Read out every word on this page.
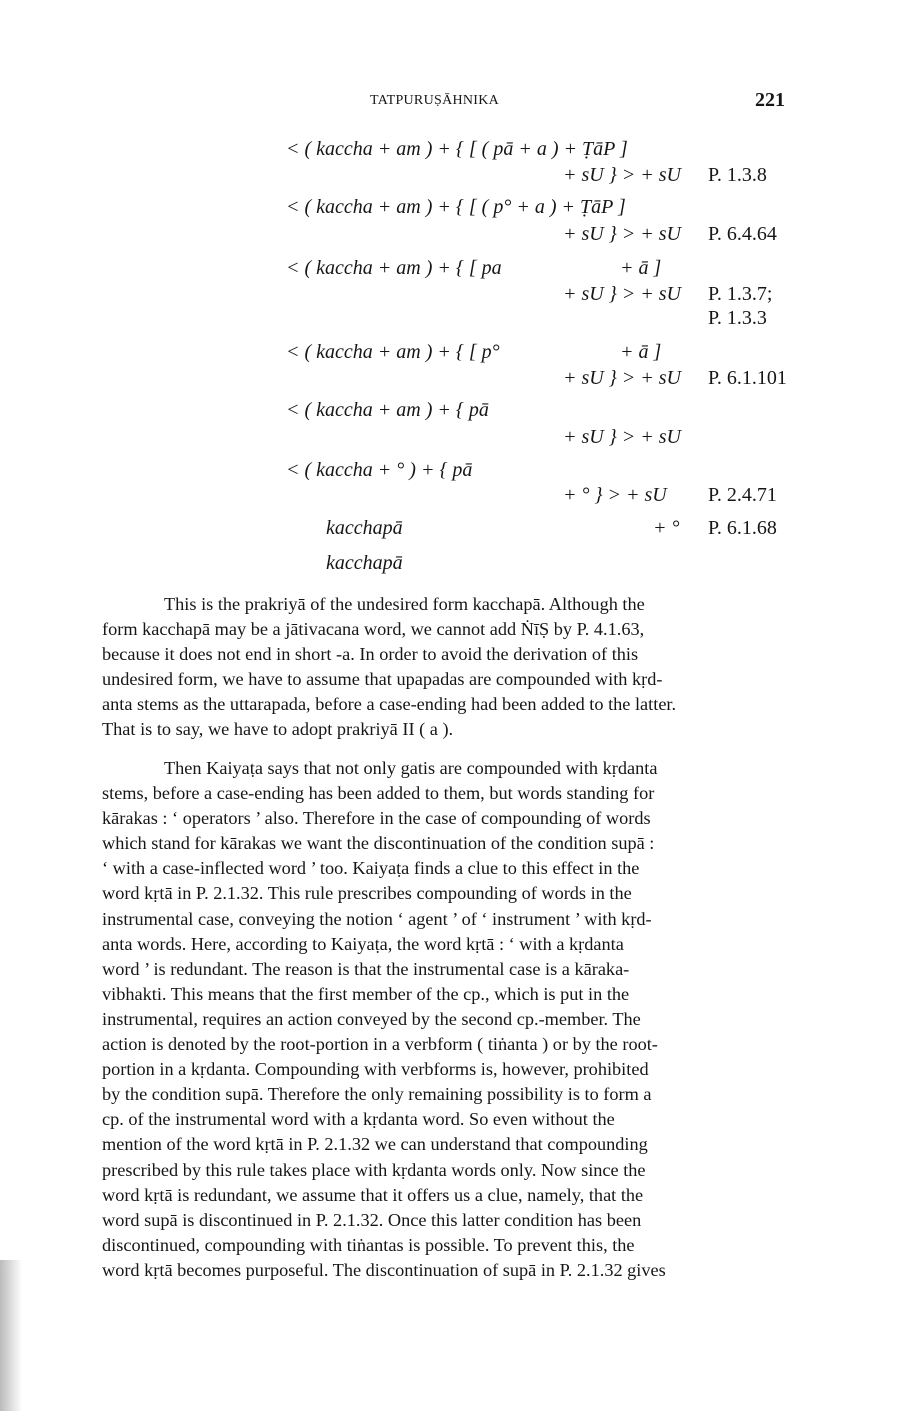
TATPURUṢĀHNIKA	221
< ( kaccha + am ) + { [ ( pā + a ) + ṬāP ]
+ sU } > + sU P. 1.3.8
< ( kaccha + am ) + { [ ( p° + a ) + ṬāP ]
+ sU } > + sU P. 6.4.64
< ( kaccha + am ) + { [ pa	+ ā ]
+ sU } > + sU P. 1.3.7;
P. 1.3.3
< ( kaccha + am ) + { [ p°	+ ā ]
+ sU } > + sU P. 6.1.101
< ( kaccha + am ) + { pā
+ sU } > + sU
< ( kaccha + ° ) + { pā
+ ° } > + sU P. 2.4.71
kacchapā	+ ° P. 6.1.68
kacchapā
This is the prakriyā of the undesired form kacchapā. Although the
form kacchapā may be a jātivacana word, we cannot add ṄīṢ by P. 4.1.63,
because it does not end in short -a. In order to avoid the derivation of this
undesired form, we have to assume that upapadas are compounded with kṛd-
anta stems as the uttarapada, before a case-ending had been added to the latter.
That is to say, we have to adopt prakriyā II ( a ).
Then Kaiyaṭa says that not only gatis are compounded with kṛdanta
stems, before a case-ending has been added to them, but words standing for
kārakas : ‘ operators ’ also. Therefore in the case of compounding of words
which stand for kārakas we want the discontinuation of the condition supā :
‘ with a case-inflected word ’ too. Kaiyaṭa finds a clue to this effect in the
word kṛtā in P. 2.1.32. This rule prescribes compounding of words in the
instrumental case, conveying the notion ‘ agent ’ of ‘ instrument ’ with kṛd-
anta words. Here, according to Kaiyaṭa, the word kṛtā : ‘ with a kṛdanta
word ’ is redundant. The reason is that the instrumental case is a kāraka-
vibhakti. This means that the first member of the cp., which is put in the
instrumental, requires an action conveyed by the second cp.-member. The
action is denoted by the root-portion in a verbform ( tiṅanta ) or by the root-
portion in a kṛdanta. Compounding with verbforms is, however, prohibited
by the condition supā. Therefore the only remaining possibility is to form a
cp. of the instrumental word with a kṛdanta word. So even without the
mention of the word kṛtā in P. 2.1.32 we can understand that compounding
prescribed by this rule takes place with kṛdanta words only. Now since the
word kṛtā is redundant, we assume that it offers us a clue, namely, that the
word supā is discontinued in P. 2.1.32. Once this latter condition has been
discontinued, compounding with tiṅantas is possible. To prevent this, the
word kṛtā becomes purposeful. The discontinuation of supā in P. 2.1.32 gives
